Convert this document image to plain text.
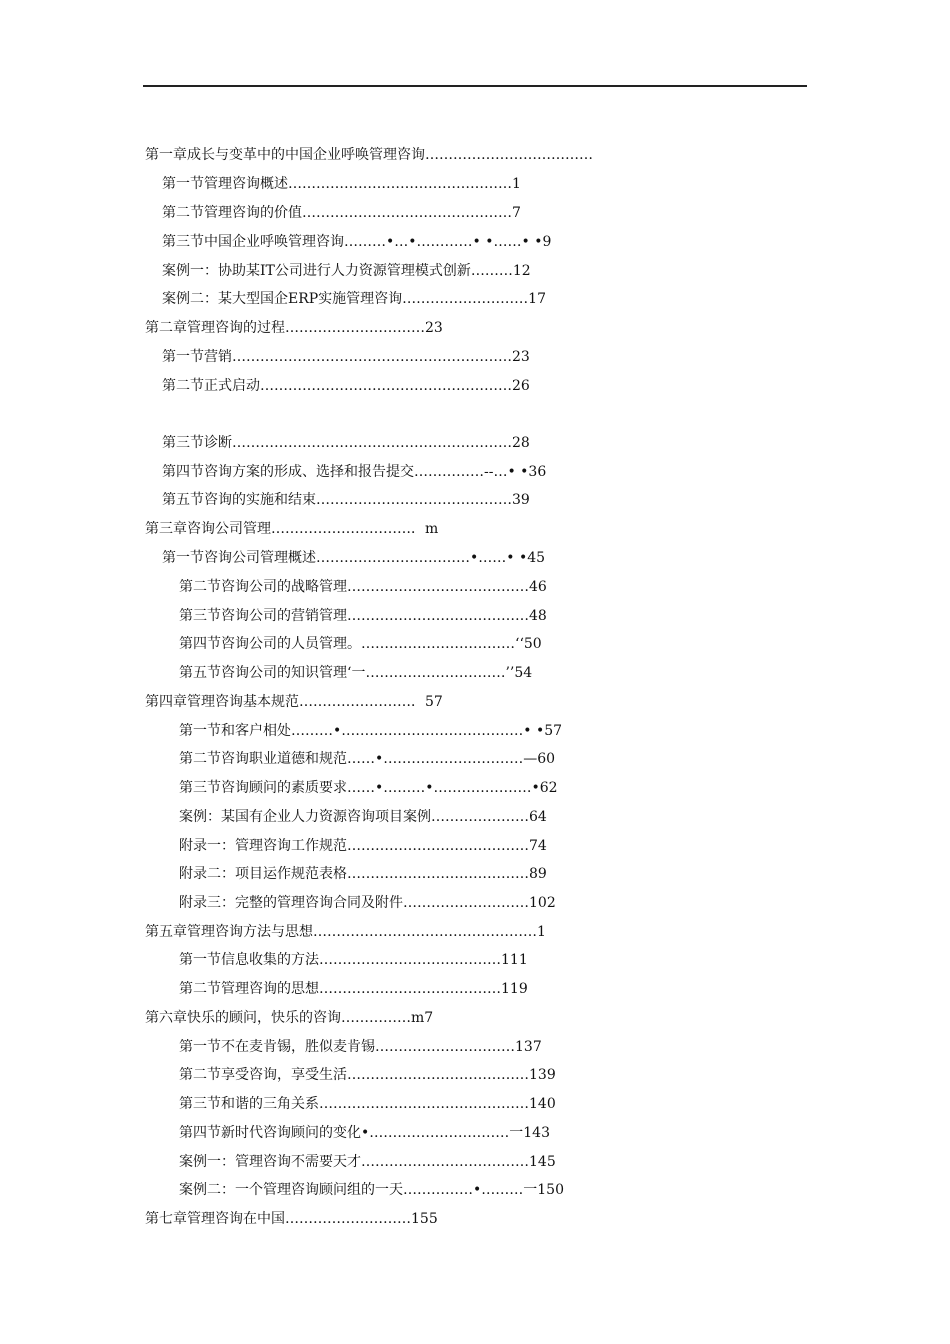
第一章成长与变革中的中国企业呼唤管理咨询………………………………
第一节管理咨询概述…………………………………………1
第二节管理咨询的价值………………………………………7
第三节中国企业呼唤管理咨询………•…•…………• •……• •9
案例一：协助某IT公司进行人力资源管理模式创新………12
案例二：某大型国企ERP实施管理咨询………………………17
第二章管理咨询的过程…………………………23
第一节营销……………………………………………………23
第二节正式启动………………………………………………26
第三节诊断……………………………………………………28
第四节咨询方案的形成、选择和报告提交……………--…• •36
第五节咨询的实施和结束……………………………………39
第三章咨询公司管理…………………………．m
第一节咨询公司管理概述……………………………•……• •45
第二节咨询公司的战略管理…………………………………46
第三节咨询公司的营销管理…………………………………48
第四节咨询公司的人员管理。……………………………‘‘50
第五节咨询公司的知识管理‘一…………………………’’54
第四章管理咨询基本规范……………………．57
第一节和客户相处………•…………………………………• •57
第二节咨询职业道德和规范……•…………………………—60
第三节咨询顾问的素质要求……•………•…………………•62
案例：某国有企业人力资源咨询项目案例…………………64
附录一：管理咨询工作规范…………………………………74
附录二：项目运作规范表格…………………………………89
附录三：完整的管理咨询合同及附件………………………102
第五章管理咨询方法与思想…………………………………………1
第一节信息收集的方法…………………………………111
第二节管理咨询的思想…………………………………119
第六章快乐的顾问，快乐的咨询……………m7
第一节不在麦肯锡，胜似麦肯锡…………………………137
第二节享受咨询，享受生活…………………………………139
第三节和谐的三角关系………………………………………140
第四节新时代咨询顾问的变化•…………………………一143
案例一：管理咨询不需要天才………………………………145
案例二：一个管理咨询顾问组的一天……………•………一150
第七章管理咨询在中国………………………155
